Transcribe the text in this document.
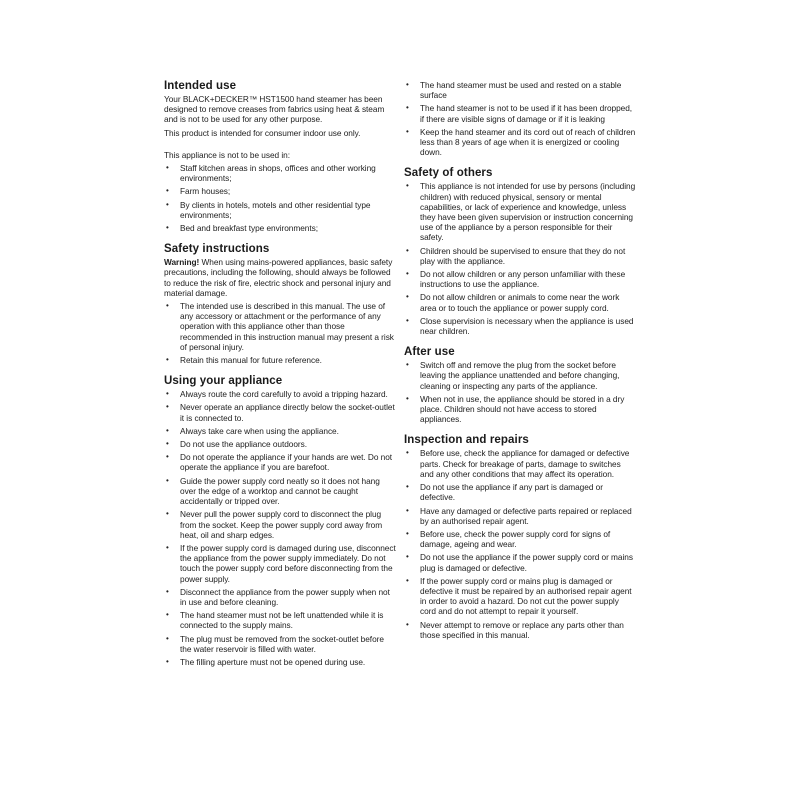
Intended use

Your BLACK+DECKER™ HST1500 hand steamer has been designed to remove creases from fabrics using heat & steam and is not to be used for any other purpose.

This product is intended for consumer indoor use only.

This appliance is not to be used in:

• Staff kitchen areas in shops, offices and other working environments;
• Farm houses;
• By clients in hotels, motels and other residential type environments;
• Bed and breakfast type environments;
Safety instructions

Warning! When using mains-powered appliances, basic safety precautions, including the following, should always be followed to reduce the risk of fire, electric shock and personal injury and material damage.

• The intended use is described in this manual. The use of any accessory or attachment or the performance of any operation with this appliance other than those recommended in this instruction manual may present a risk of personal injury.
• Retain this manual for future reference.
Using your appliance
• Always route the cord carefully to avoid a tripping hazard.
• Never operate an appliance directly below the socket-outlet it is connected to.
• Always take care when using the appliance.
• Do not use the appliance outdoors.
• Do not operate the appliance if your hands are wet. Do not operate the appliance if you are barefoot.
• Guide the power supply cord neatly so it does not hang over the edge of a worktop and cannot be caught accidentally or tripped over.
• Never pull the power supply cord to disconnect the plug from the socket. Keep the power supply cord away from heat, oil and sharp edges.
• If the power supply cord is damaged during use, disconnect the appliance from the power supply immediately. Do not touch the power supply cord before disconnecting from the power supply.
• Disconnect the appliance from the power supply when not in use and before cleaning.
• The hand steamer must not be left unattended while it is connected to the supply mains.
• The plug must be removed from the socket-outlet before the water reservoir is filled with water.
• The filling aperture must not be opened during use.
• The hand steamer must be used and rested on a stable surface
• The hand steamer is not to be used if it has been dropped, if there are visible signs of damage or if it is leaking
• Keep the hand steamer and its cord out of reach of children less than 8 years of age when it is energized or cooling down.
Safety of others
• This appliance is not intended for use by persons (including children) with reduced physical, sensory or mental capabilities, or lack of experience and knowledge, unless they have been given supervision or instruction concerning use of the appliance by a person responsible for their safety.
• Children should be supervised to ensure that they do not play with the appliance.
• Do not allow children or any person unfamiliar with these instructions to use the appliance.
• Do not allow children or animals to come near the work area or to touch the appliance or power supply cord.
• Close supervision is necessary when the appliance is used near children.
After use
• Switch off and remove the plug from the socket before leaving the appliance unattended and before changing, cleaning or inspecting any parts of the appliance.
• When not in use, the appliance should be stored in a dry place. Children should not have access to stored appliances.
Inspection and repairs
• Before use, check the appliance for damaged or defective parts. Check for breakage of parts, damage to switches and any other conditions that may affect its operation.
• Do not use the appliance if any part is damaged or defective.
• Have any damaged or defective parts repaired or replaced by an authorised repair agent.
• Before use, check the power supply cord for signs of damage, ageing and wear.
• Do not use the appliance if the power supply cord or mains plug is damaged or defective.
• If the power supply cord or mains plug is damaged or defective it must be repaired by an authorised repair agent in order to avoid a hazard. Do not cut the power supply cord and do not attempt to repair it yourself.
• Never attempt to remove or replace any parts other than those specified in this manual.
